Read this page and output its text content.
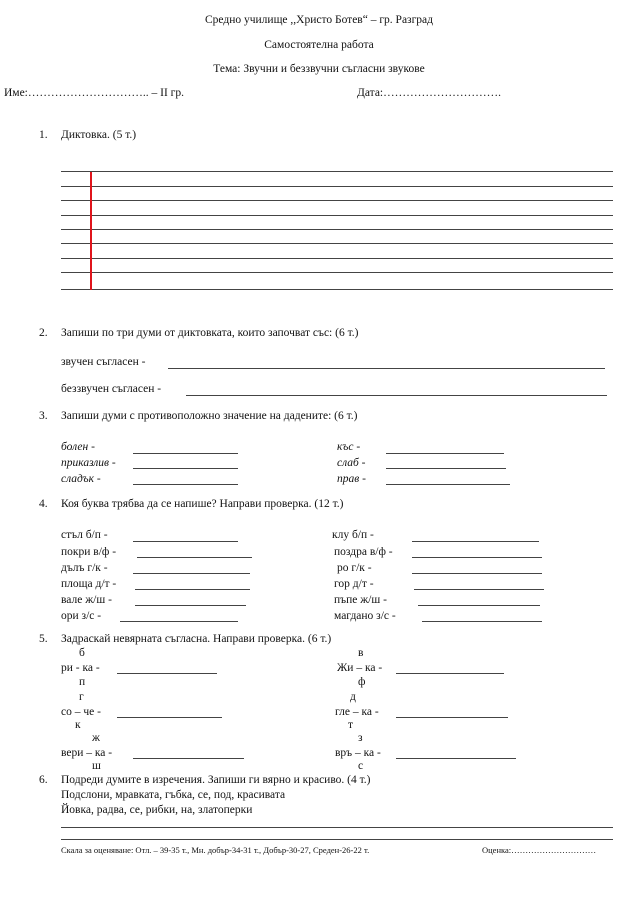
Средно училище ,,Христо Ботев“ – гр. Разград
Самостоятелна работа
Тема: Звучни и беззвучни съгласни звукове
Име:………………………….. – II гр.	Дата:………………………….
1. Диктовка. (5 т.)
2. Запиши по три думи от диктовката, които започват със: (6 т.)
звучен съгласен -
беззвучен съгласен -
3. Запиши думи с противоположно значение на дадените: (6 т.)
болен -
приказлив -
сладък -
къс -
слаб -
прав -
4. Коя буква трябва да се напише? Направи проверка. (12 т.)
стъл б/п -
покри в/ф -
дълъ г/к -
площа д/т -
вале ж/ш -
ори з/с -
клу б/п -
поздра в/ф -
ро г/к -
гор д/т -
пъпе ж/ш -
магдано з/с -
5. Задраскай невярната съгласна. Направи проверка. (6 т.)
б
ри - ка -
п
г
со – че -
к
ж
вери – ка -
ш
в
Жи – ка -
ф
д
гле – ка -
т
з
връ – ка -
с
6. Подреди думите в изречения. Запиши ги вярно и красиво. (4 т.)
Подслони, мравката, гъбка, се, под, красивата
Йовка, радва, се, рибки, на, златоперки
Скала за оценяване: Отл. – 39-35 т., Мн. добър-34-31 т., Добър-30-27, Среден-26-22 т.	Оценка:…………………………
